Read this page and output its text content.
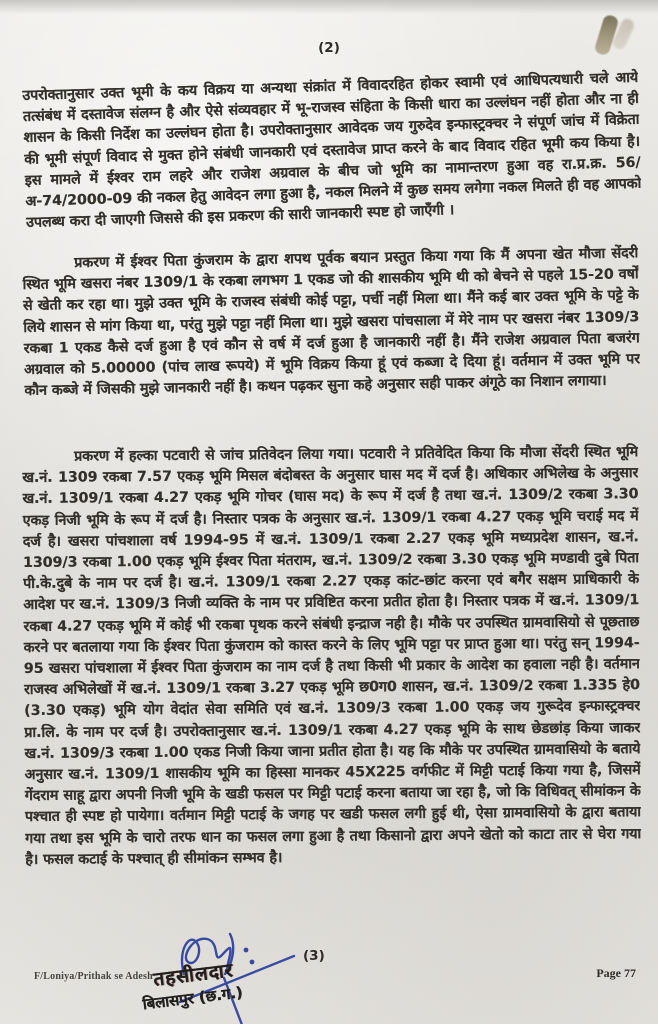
(2)
उपरोक्तानुसार उक्त भूमी के कय विक्रय या अन्यथा संक्रांत में विवादरहित होकर स्वामी एवं आधिपत्यधारी चले आये तत्संबंध में दस्तावेज संलग्न है और ऐसे संव्यवहार में भू-राजस्व संहिता के किसी धारा का उल्लंघन नहीं होता और ना ही शासन के किसी निर्देश का उल्लंघन होता है। उपरोक्तानुसार आवेदक जय गुरुदेव इन्फास्ट्रक्चर ने संपूर्ण जांच में विक्रेता की भूमी संपूर्ण विवाद से मुक्त होने संबंधी जानकारी एवं दस्तावेज प्राप्त करने के बाद विवाद रहित भूमी कय किया है। इस मामले में ईश्वर राम लहरे और राजेश अग्रवाल के बीच जो भूमि का नामान्तरण हुआ वह रा.प्र.क्र. 56/अ-74/2000-09 की नकल हेतु आवेदन लगा हुआ है, नकल मिलने में कुछ समय लगेगा नकल मिलते ही वह आपको उपलब्ध करा दी जाएगी जिससे की इस प्रकरण की सारी जानकारी स्पष्ट हो जाएँगी ।
प्रकरण में ईश्वर पिता कुंजराम के द्वारा शपथ पूर्वक बयान प्रस्तुत किया गया कि मैं अपना खेत मौजा सेंदरी स्थित भूमि खसरा नंबर 1309/1 के रकबा लगभग 1 एकड जो की शासकीय भूमि थी को बेचने से पहले 15-20 वर्षों से खेती कर रहा था। मुझे उक्त भूमि के राजस्व संबंधी कोई पट्टा, पर्ची नहीं मिला था। मैंने कई बार उक्त भूमि के पट्टे के लिये शासन से मांग किया था, परंतु मुझे पट्टा नहीं मिला था। मुझे खसरा पांचसाला में मेरे नाम पर खसरा नंबर 1309/3 रकबा 1 एकड कैसे दर्ज हुआ है एवं कौन से वर्ष में दर्ज हुआ है जानकारी नहीं है। मैंने राजेश अग्रवाल पिता बजरंग अग्रवाल को 5.00000 (पांच लाख रूपये) में भूमि विक्रय किया हूं एवं कब्जा दे दिया हूं। वर्तमान में उक्त भूमि पर कौन कब्जे में जिसकी मुझे जानकारी नहीं है। कथन पढ़कर सुना कहे अनुसार सही पाकर अंगूठे का निशान लगाया।
प्रकरण में हल्का पटवारी से जांच प्रतिवेदन लिया गया। पटवारी ने प्रतिवेदित किया कि मौजा सेंदरी स्थित भूमि ख.नं. 1309 रकबा 7.57 एकड़ भूमि मिसल बंदोबस्त के अनुसार घास मद में दर्ज है। अधिकार अभिलेख के अनुसार ख.नं. 1309/1 रकबा 4.27 एकड़ भूमि गोचर (घास मद) के रूप में दर्ज है तथा ख.नं. 1309/2 रकबा 3.30 एकड़ निजी भूमि के रूप में दर्ज है। निस्तार पत्रक के अनुसार ख.नं. 1309/1 रकबा 4.27 एकड़ भूमि चराई मद में दर्ज है। खसरा पांचशाला वर्ष 1994-95 में ख.नं. 1309/1 रकबा 2.27 एकड़ भूमि मध्यप्रदेश शासन, ख.नं. 1309/3 रकबा 1.00 एकड़ भूमि ईश्वर पिता मंतराम, ख.नं. 1309/2 रकबा 3.30 एकड़ भूमि मण्डावी दुबे पिता पी.के.दुबे के नाम पर दर्ज है। ख.नं. 1309/1 रकबा 2.27 एकड़ कांट-छांट करना एवं बगैर सक्षम प्राधिकारी के आदेश पर ख.नं. 1309/3 निजी व्यक्ति के नाम पर प्रविष्टित करना प्रतीत होता है। निस्तार पत्रक में ख.नं. 1309/1 रकबा 4.27 एकड़ भूमि में कोई भी रकबा पृथक करने संबंधी इन्द्राज नही है। मौके पर उपस्थित ग्रामवासियो से पूछताछ करने पर बतलाया गया कि ईश्वर पिता कुंजराम को कास्त करने के लिए भूमि पट्टा पर प्राप्त हुआ था। परंतु सन् 1994-95 खसरा पांचशाला में ईश्वर पिता कुंजराम का नाम दर्ज है तथा किसी भी प्रकार के आदेश का हवाला नही है। वर्तमान राजस्व अभिलेखों में ख.नं. 1309/1 रकबा 3.27 एकड़ भूमि छ0ग0 शासन, ख.नं. 1309/2 रकबा 1.335 हे0 (3.30 एकड़) भूमि योग वेदांत सेवा समिति एवं ख.नं. 1309/3 रकबा 1.00 एकड़ जय गुरूदेव इन्फास्ट्रक्चर प्रा.लि. के नाम पर दर्ज है। उपरोक्तानुसार ख.नं. 1309/1 रकबा 4.27 एकड़ भूमि के साथ छेडछांड़ किया जाकर ख.नं. 1309/3 रकबा 1.00 एकड निजी किया जाना प्रतीत होता है। यह कि मौके पर उपस्थित ग्रामवासियो के बताये अनुसार ख.नं. 1309/1 शासकीय भूमि का हिस्सा मानकर 45X225 वर्गफीट में मिट्टी पटाई किया गया है, जिसमें गेंदराम साहू द्वारा अपनी निजी भूमि के खडी फसल पर मिट्टी पटाई करना बताया जा रहा है, जो कि विधिवत् सीमांकन के पश्चात ही स्पष्ट हो पायेगा। वर्तमान मिट्टी पटाई के जगह पर खडी फसल लगी हुई थी, ऐसा ग्रामवासियो के द्वारा बताया गया तथा इस भूमि के चारो तरफ धान का फसल लगा हुआ है तथा किसानो द्वारा अपने खेतो को काटा तार से घेरा गया है। फसल कटाई के पश्चात् ही सीमांकन सम्भव है।
(3)
तहसीलदार
बिलासपुर (छ.ग.)
F/Loniya/Prithak se Adesh	Page 77
